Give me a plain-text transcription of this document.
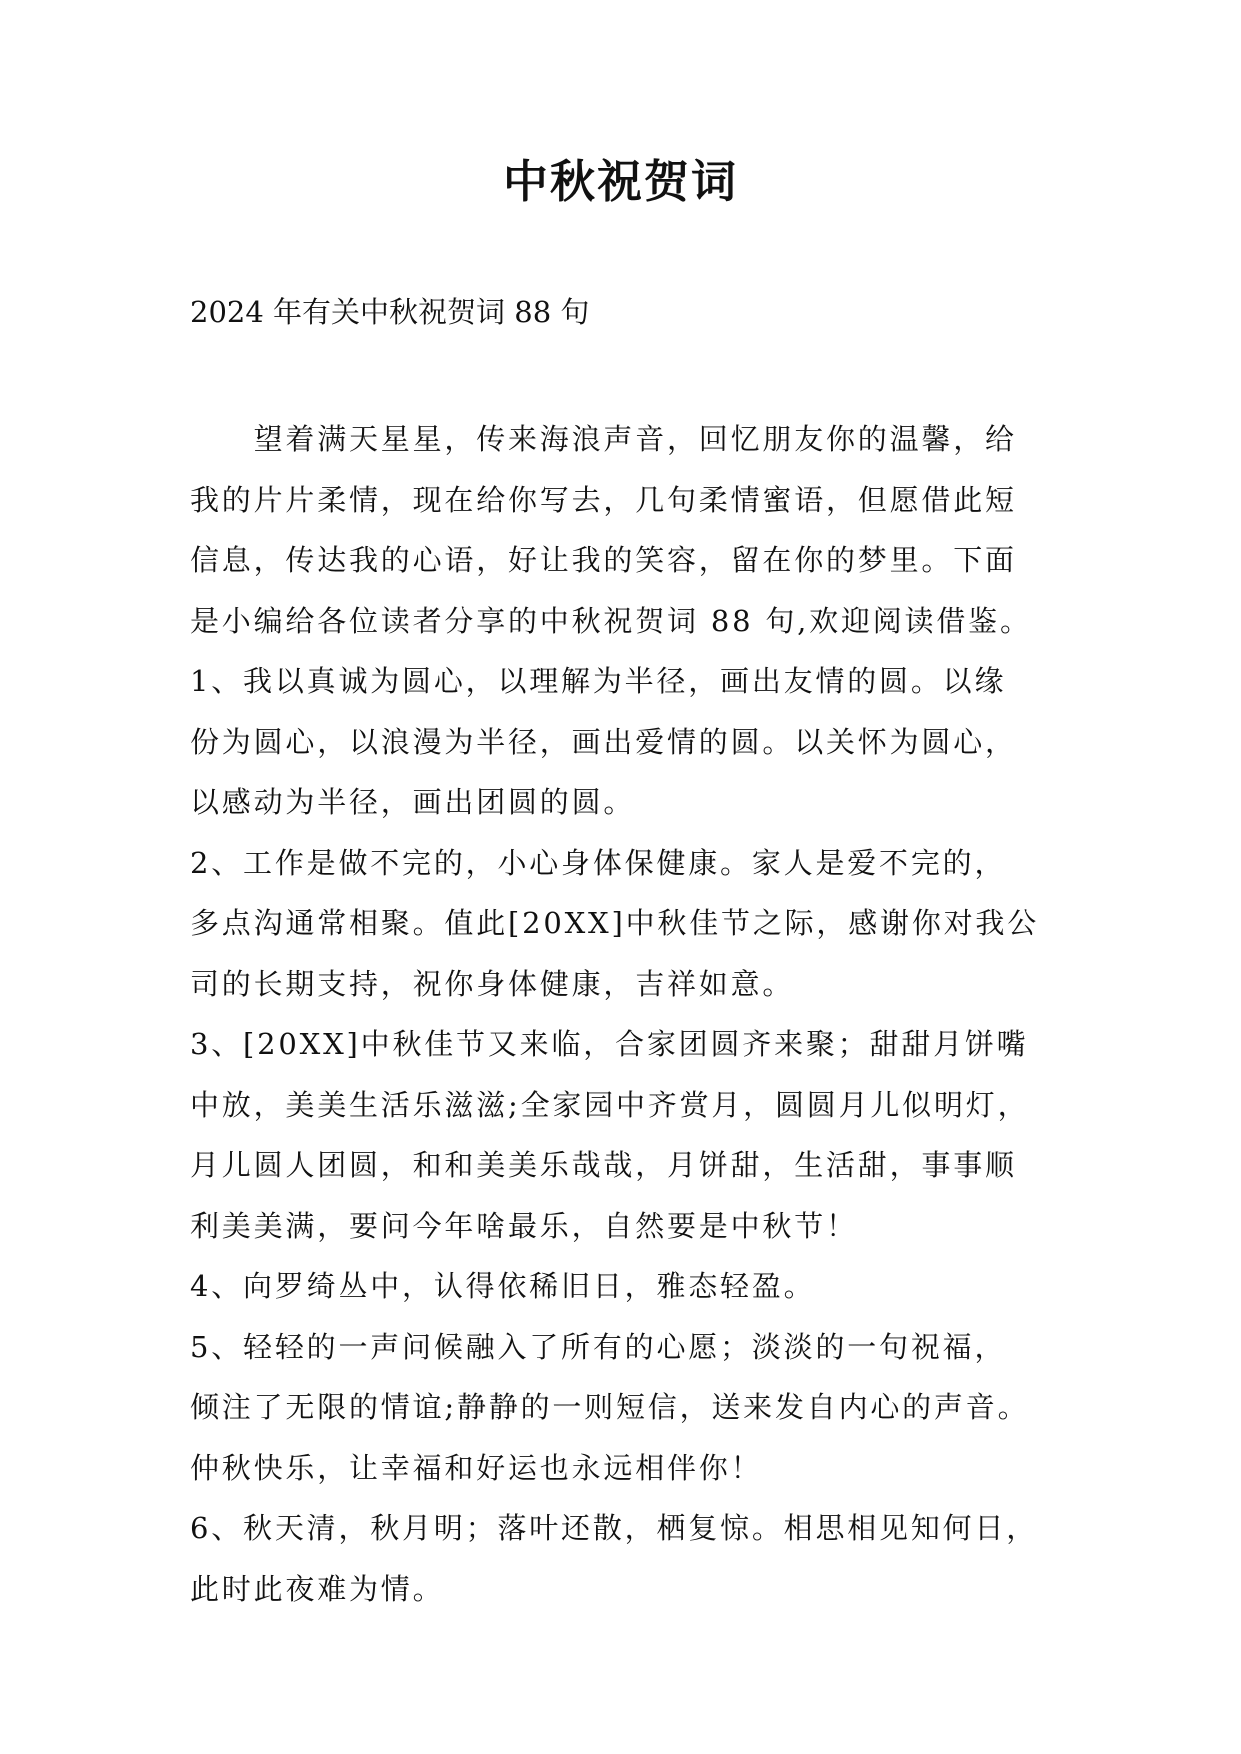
中秋祝贺词

2024 年有关中秋祝贺词 88 句

　　望着满天星星，传来海浪声音，回忆朋友你的温馨，给
我的片片柔情，现在给你写去，几句柔情蜜语，但愿借此短
信息，传达我的心语，好让我的笑容，留在你的梦里。下面
是小编给各位读者分享的中秋祝贺词 88 句,欢迎阅读借鉴。

1、我以真诚为圆心，以理解为半径，画出友情的圆。以缘
份为圆心，以浪漫为半径，画出爱情的圆。以关怀为圆心，
以感动为半径，画出团圆的圆。

2、工作是做不完的，小心身体保健康。家人是爱不完的，
多点沟通常相聚。值此[20XX]中秋佳节之际，感谢你对我公
司的长期支持，祝你身体健康，吉祥如意。

3、[20XX]中秋佳节又来临，合家团圆齐来聚；甜甜月饼嘴
中放，美美生活乐滋滋;全家园中齐赏月，圆圆月儿似明灯，
月儿圆人团圆，和和美美乐哉哉，月饼甜，生活甜，事事顺
利美美满，要问今年啥最乐，自然要是中秋节！

4、向罗绮丛中，认得依稀旧日，雅态轻盈。

5、轻轻的一声问候融入了所有的心愿；淡淡的一句祝福，
倾注了无限的情谊;静静的一则短信，送来发自内心的声音。
仲秋快乐，让幸福和好运也永远相伴你！

6、秋天清，秋月明；落叶还散，栖复惊。相思相见知何日，
此时此夜难为情。
